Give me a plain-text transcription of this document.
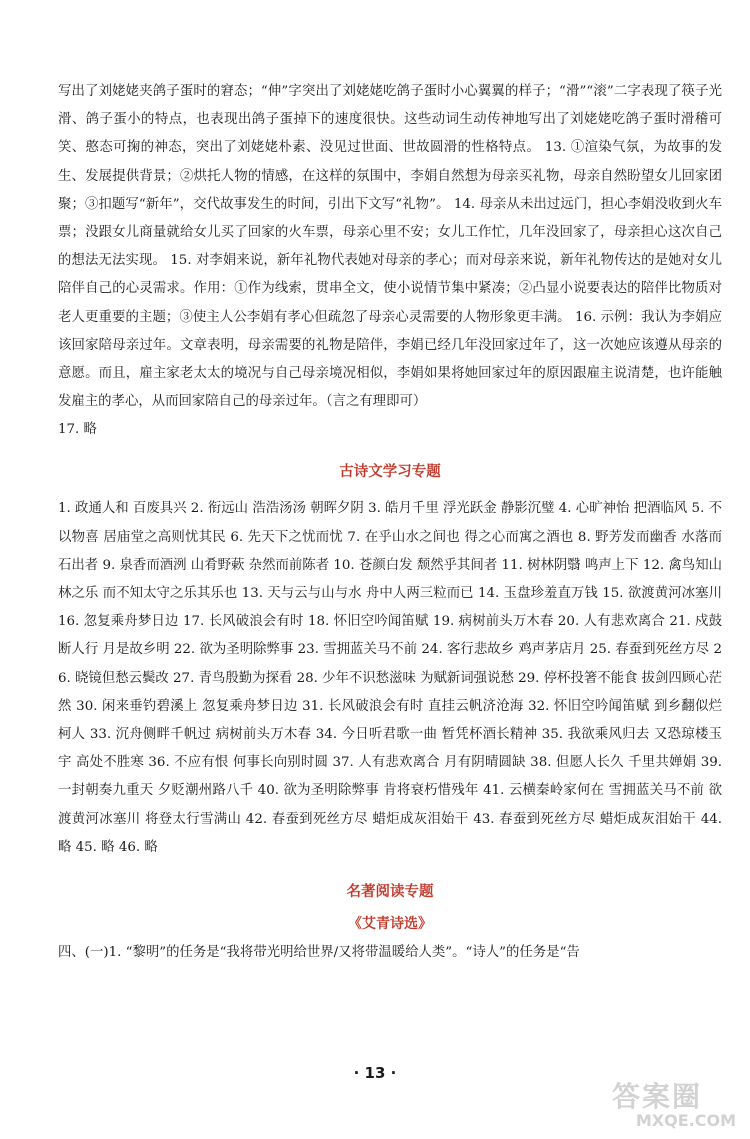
写出了刘姥姥夹鸽子蛋时的窘态；“伸”字突出了刘姥姥吃鸽子蛋时小心翼翼的样子；“滑”“滚”二字表现了筷子光滑、鸽子蛋小的特点，也表现出鸽子蛋掉下的速度很快。这些动词生动传神地写出了刘姥姥吃鸽子蛋时滑稽可笑、憨态可掬的神态，突出了刘姥姥朴素、没见过世面、世故圆滑的性格特点。 13. ①渲染气氛，为故事的发生、发展提供背景；②烘托人物的情感，在这样的氛围中，李娟自然想为母亲买礼物，母亲自然盼望女儿回家团聚；③扣题写“新年”，交代故事发生的时间，引出下文写“礼物”。 14. 母亲从未出过远门，担心李娟没收到火车票；没跟女儿商量就给女儿买了回家的火车票，母亲心里不安；女儿工作忙，几年没回家了，母亲担心这次自己的想法无法实现。 15. 对李娟来说，新年礼物代表她对母亲的孝心；而对母亲来说，新年礼物传达的是她对女儿陪伴自己的心灵需求。作用：①作为线索，贯串全文，使小说情节集中紧凑；②凸显小说要表达的陪伴比物质对老人更重要的主题；③使主人公李娟有孝心但疏忽了母亲心灵需要的人物形象更丰满。 16. 示例：我认为李娟应该回家陪母亲过年。文章表明，母亲需要的礼物是陪伴，李娟已经几年没回家过年了，这一次她应该遵从母亲的意愿。而且，雇主家老太太的境况与自己母亲境况相似，李娟如果将她回家过年的原因跟雇主说清楚，也许能触发雇主的孝心，从而回家陪自己的母亲过年。（言之有理即可）

17. 略

古诗文学习专题

1. 政通人和 百废具兴 2. 衔远山 浩浩汤汤 朝晖夕阴 3. 皓月千里 浮光跃金 静影沉璧 4. 心旷神怡 把酒临风 5. 不以物喜 居庙堂之高则忧其民 6. 先天下之忧而忧 7. 在乎山水之间也 得之心而寓之酒也 8. 野芳发而幽香 水落而石出者 9. 泉香而酒洌 山肴野蔌 杂然而前陈者 10. 苍颜白发 颓然乎其间者 11. 树林阴翳 鸣声上下 12. 禽鸟知山林之乐 而不知太守之乐其乐也 13. 天与云与山与水 舟中人两三粒而已 14. 玉盘珍羞直万钱 15. 欲渡黄河冰塞川 16. 忽复乘舟梦日边 17. 长风破浪会有时 18. 怀旧空吟闻笛赋 19. 病树前头万木春 20. 人有悲欢离合 21. 戍鼓断人行 月是故乡明 22. 欲为圣明除弊事 23. 雪拥蓝关马不前 24. 客行悲故乡 鸡声茅店月 25. 春蚕到死丝方尽 26. 晓镜但愁云鬓改 27. 青鸟殷勤为探看 28. 少年不识愁滋味 为赋新词强说愁 29. 停杯投箸不能食 拔剑四顾心茫然 30. 闲来垂钓碧溪上 忽复乘舟梦日边 31. 长风破浪会有时 直挂云帆济沧海 32. 怀旧空吟闻笛赋 到乡翻似烂柯人 33. 沉舟侧畔千帆过 病树前头万木春 34. 今日听君歌一曲 暂凭杯酒长精神 35. 我欲乘风归去 又恐琼楼玉宇 高处不胜寒 36. 不应有恨 何事长向别时圆 37. 人有悲欢离合 月有阴晴圆缺 38. 但愿人长久 千里共婵娟 39. 一封朝奏九重天 夕贬潮州路八千 40. 欲为圣明除弊事 肯将衰朽惜残年 41. 云横秦岭家何在 雪拥蓝关马不前 欲渡黄河冰塞川 将登太行雪满山 42. 春蚕到死丝方尽 蜡炬成灰泪始干 43. 春蚕到死丝方尽 蜡炬成灰泪始干 44. 略 45. 略 46. 略

名著阅读专题
《艾青诗选》

四、(一)1. “黎明”的任务是“我将带光明给世界/又将带温暖给人类”。“诗人”的任务是“告

· 13 ·
答案圈
MXQE.COM
